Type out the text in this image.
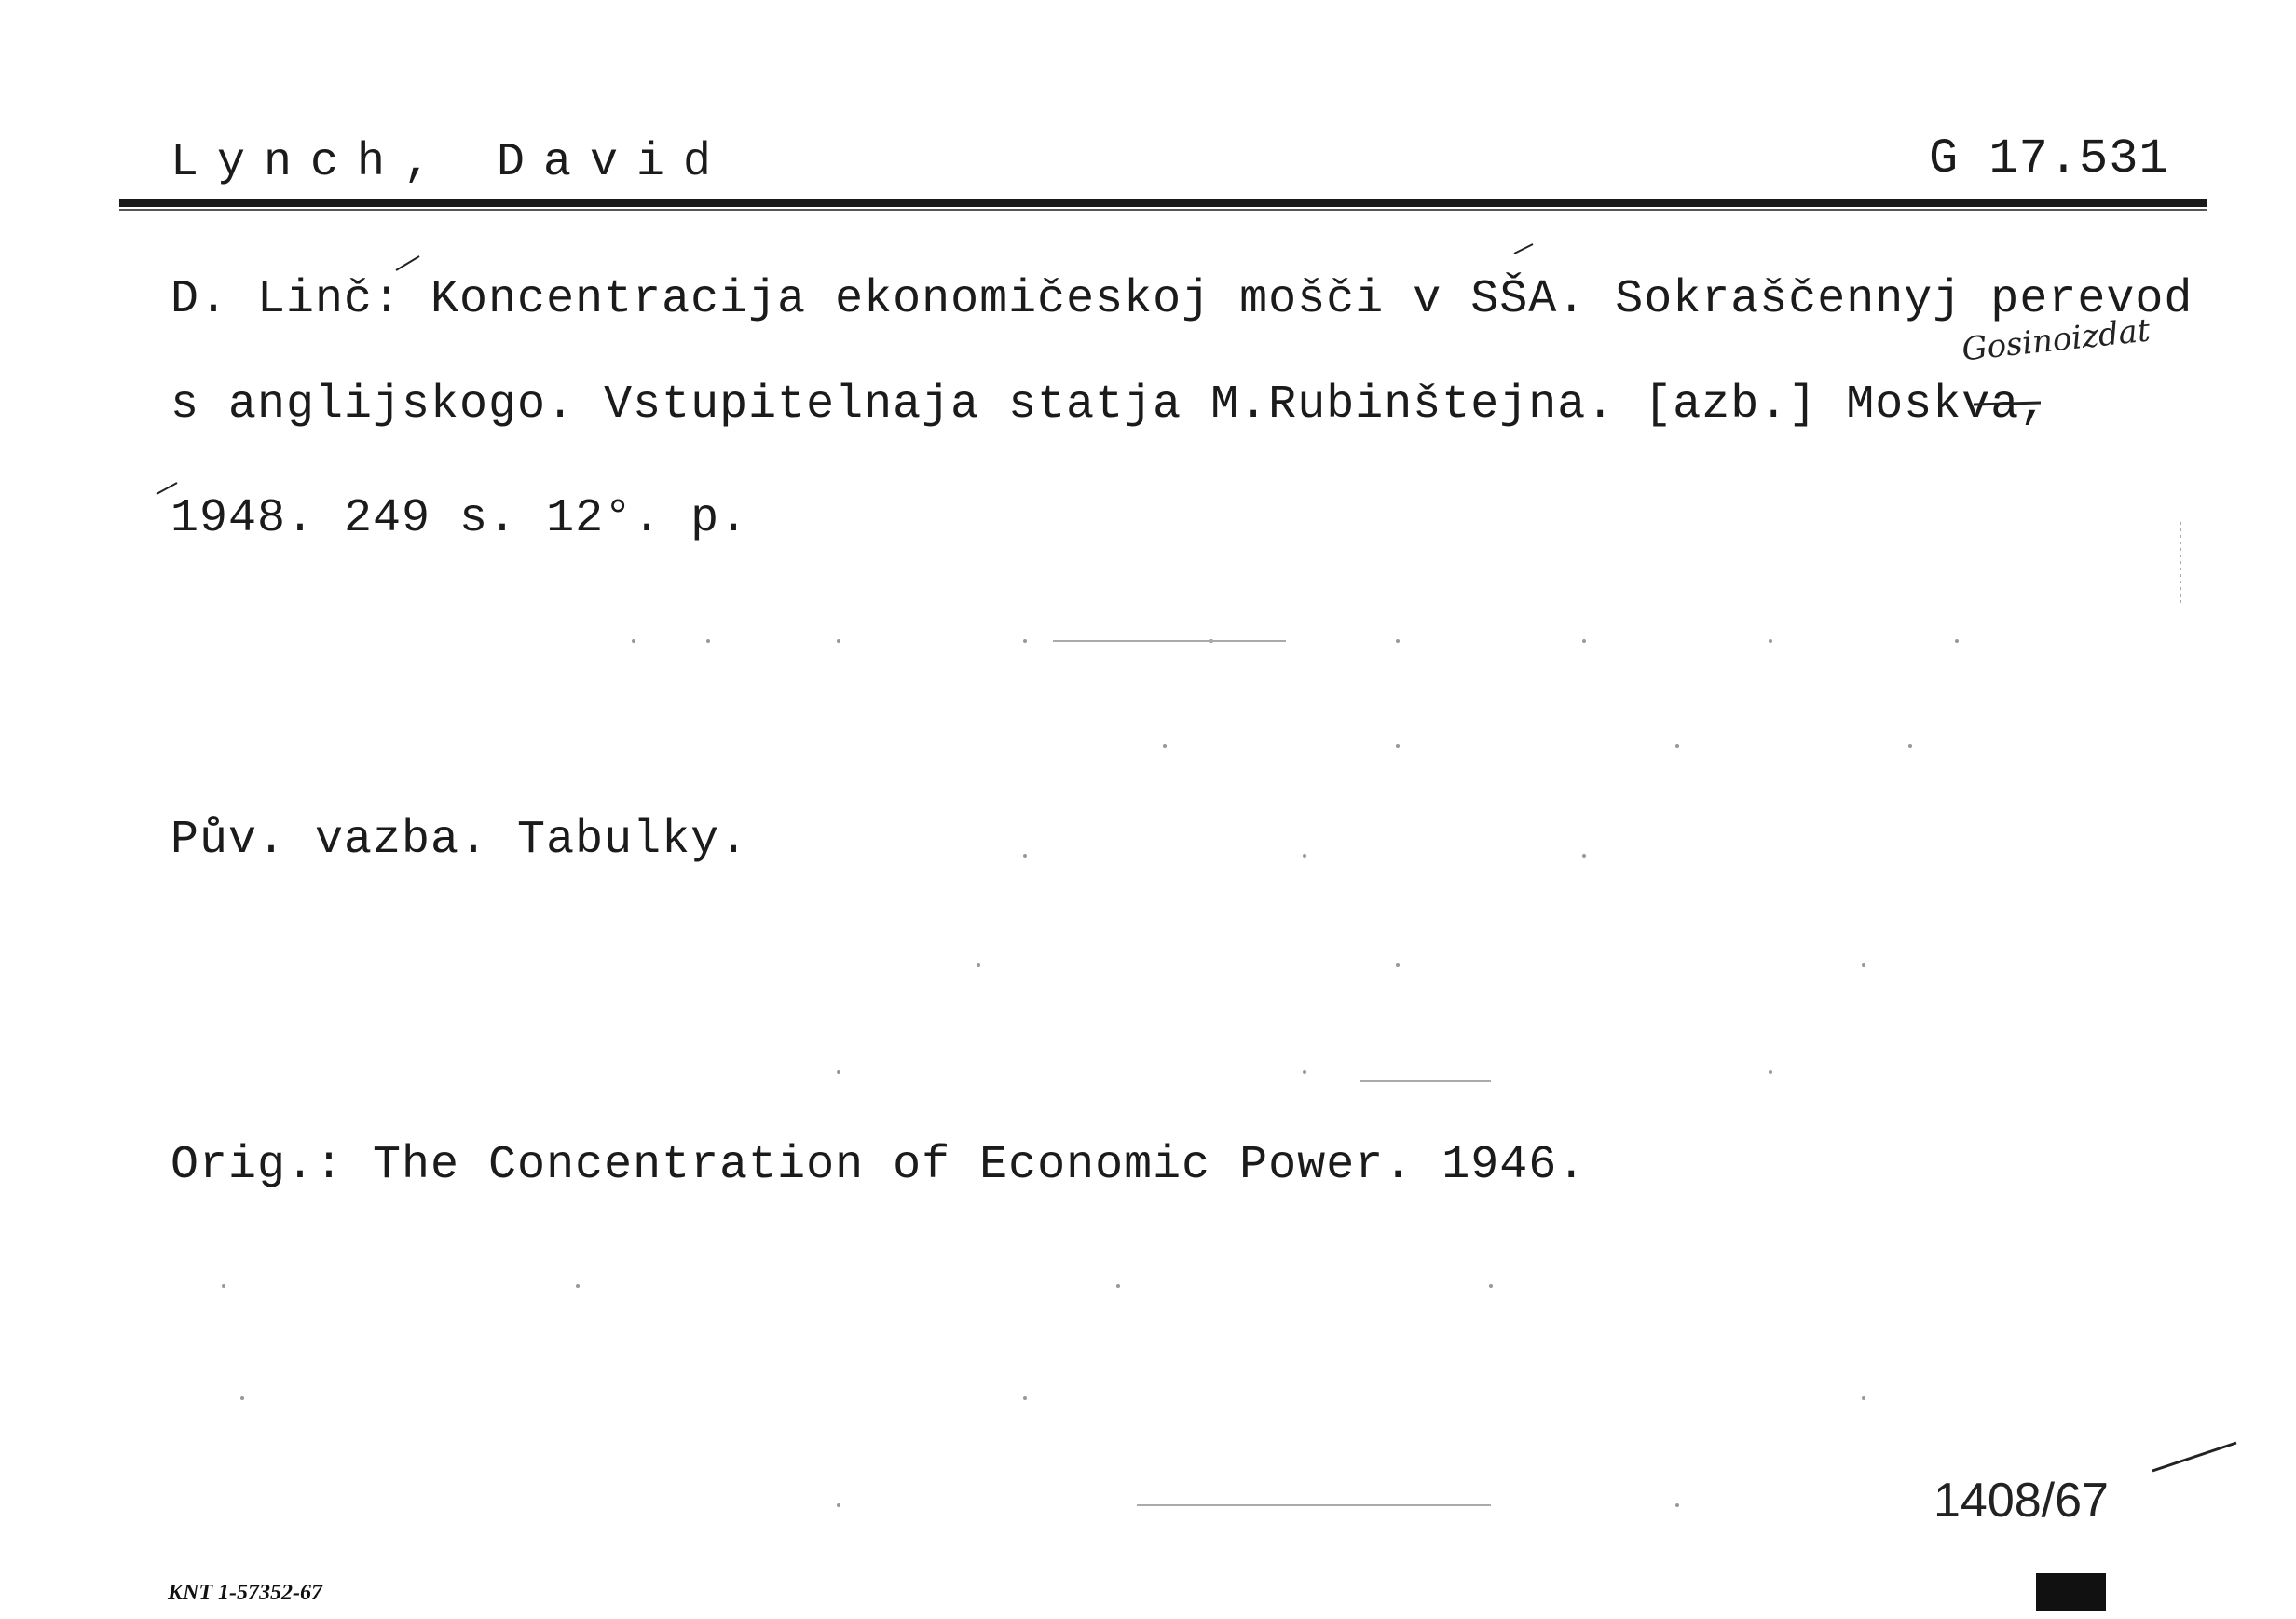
Lynch, David	G 17.531
D. Linč: Koncentracija ekonomičeskoj mošči v SŠA. Sokraščennyj perevod
Gosinoizdat
s anglijskogo. Vstupitelnaja statja M.Rubinštejna. [azb.] Moskva,
1948. 249 s. 12°. p.
Pův. vazba. Tabulky.
Orig.: The Concentration of Economic Power. 1946.
1408/67
KNT 1-57352-67
